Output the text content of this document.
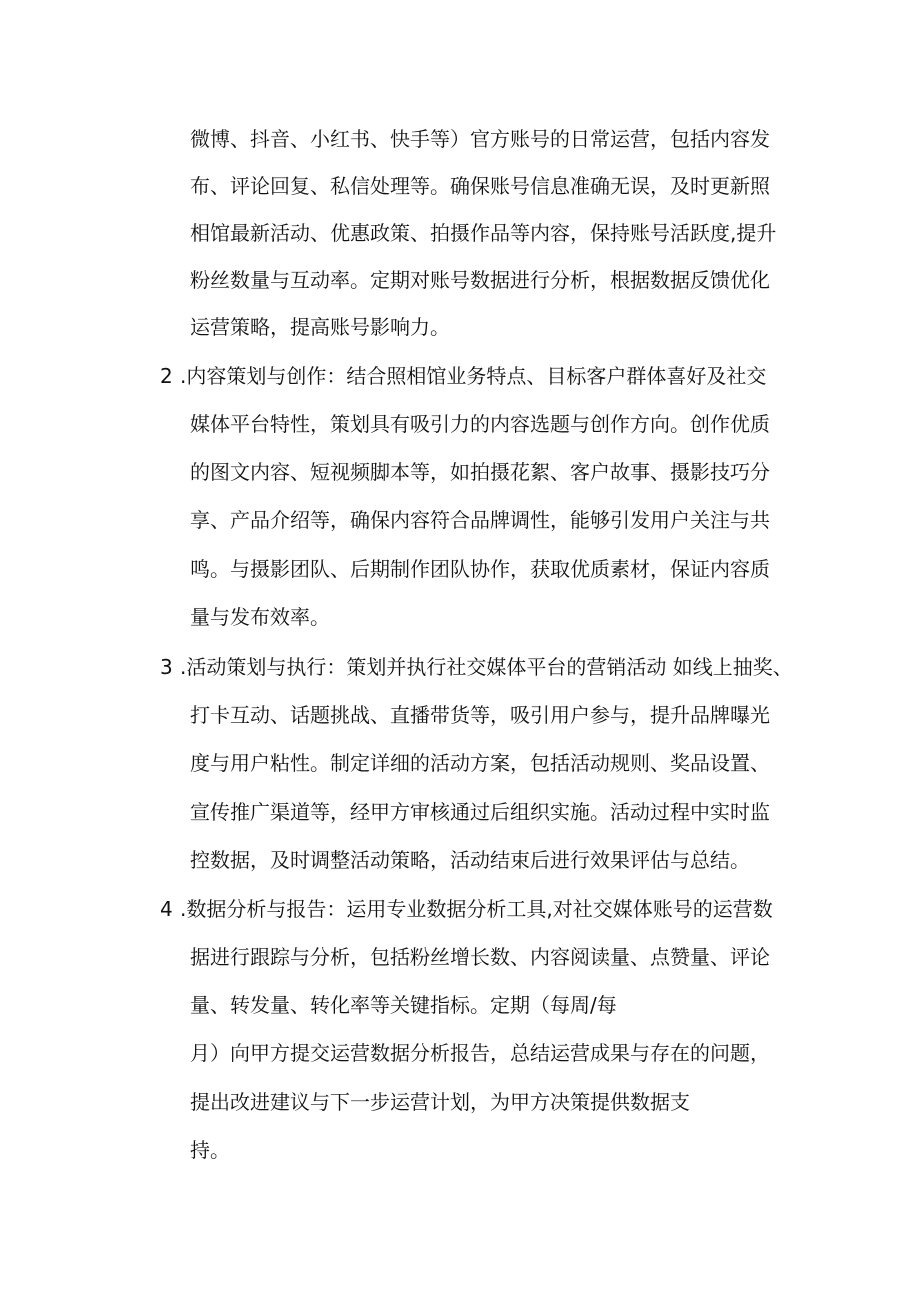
微博、抖音、小红书、快手等）官方账号的日常运营，包括内容发
布、评论回复、私信处理等。确保账号信息准确无误，及时更新照
相馆最新活动、优惠政策、拍摄作品等内容，保持账号活跃度,提升
粉丝数量与互动率。定期对账号数据进行分析，根据数据反馈优化
运营策略，提高账号影响力。
2 .内容策划与创作：结合照相馆业务特点、目标客户群体喜好及社交
媒体平台特性，策划具有吸引力的内容选题与创作方向。创作优质
的图文内容、短视频脚本等，如拍摄花絮、客户故事、摄影技巧分
享、产品介绍等，确保内容符合品牌调性，能够引发用户关注与共
鸣。与摄影团队、后期制作团队协作，获取优质素材，保证内容质
量与发布效率。
3 .活动策划与执行：策划并执行社交媒体平台的营销活动 如线上抽奖、
打卡互动、话题挑战、直播带货等，吸引用户参与，提升品牌曝光
度与用户粘性。制定详细的活动方案，包括活动规则、奖品设置、
宣传推广渠道等，经甲方审核通过后组织实施。活动过程中实时监
控数据，及时调整活动策略，活动结束后进行效果评估与总结。
4 .数据分析与报告：运用专业数据分析工具,对社交媒体账号的运营数
据进行跟踪与分析，包括粉丝增长数、内容阅读量、点赞量、评论
量、转发量、转化率等关键指标。定期（每周/每
月）向甲方提交运营数据分析报告，总结运营成果与存在的问题，
提出改进建议与下一步运营计划，为甲方决策提供数据支
持。
